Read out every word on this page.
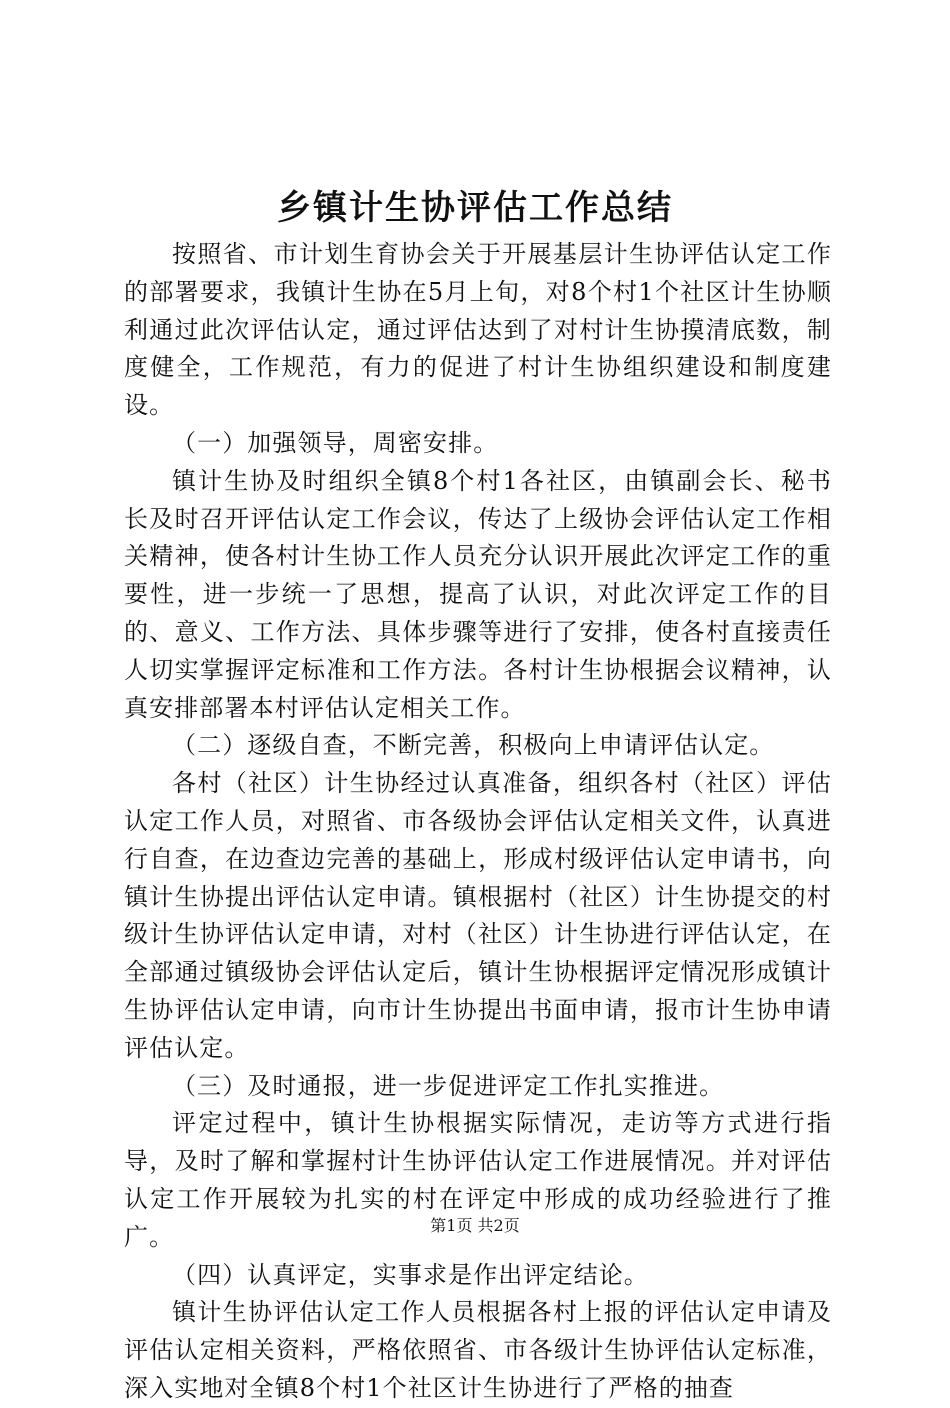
乡镇计生协评估工作总结

按照省、市计划生育协会关于开展基层计生协评估认定工作的部署要求，我镇计生协在5月上旬，对8个村1个社区计生协顺利通过此次评估认定，通过评估达到了对村计生协摸清底数，制度健全，工作规范，有力的促进了村计生协组织建设和制度建设。

（一）加强领导，周密安排。

镇计生协及时组织全镇8个村1各社区，由镇副会长、秘书长及时召开评估认定工作会议，传达了上级协会评估认定工作相关精神，使各村计生协工作人员充分认识开展此次评定工作的重要性，进一步统一了思想，提高了认识，对此次评定工作的目的、意义、工作方法、具体步骤等进行了安排，使各村直接责任人切实掌握评定标准和工作方法。各村计生协根据会议精神，认真安排部署本村评估认定相关工作。

（二）逐级自查，不断完善，积极向上申请评估认定。

各村（社区）计生协经过认真准备，组织各村（社区）评估认定工作人员，对照省、市各级协会评估认定相关文件，认真进行自查，在边查边完善的基础上，形成村级评估认定申请书，向镇计生协提出评估认定申请。镇根据村（社区）计生协提交的村级计生协评估认定申请，对村（社区）计生协进行评估认定，在全部通过镇级协会评估认定后，镇计生协根据评定情况形成镇计生协评估认定申请，向市计生协提出书面申请，报市计生协申请评估认定。

（三）及时通报，进一步促进评定工作扎实推进。

评定过程中，镇计生协根据实际情况，走访等方式进行指导，及时了解和掌握村计生协评估认定工作进展情况。并对评估认定工作开展较为扎实的村在评定中形成的成功经验进行了推广。

（四）认真评定，实事求是作出评定结论。

镇计生协评估认定工作人员根据各村上报的评估认定申请及评估认定相关资料，严格依照省、市各级计生协评估认定标准，深入实地对全镇8个村1个社区计生协进行了严格的抽查

第1页 共2页
